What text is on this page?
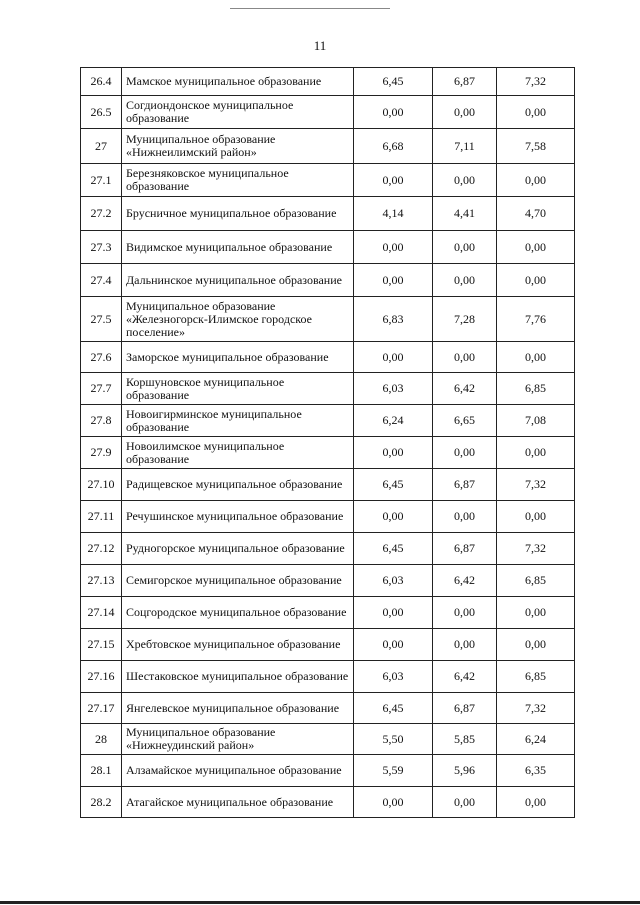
11
26.4	Мамское муниципальное образование	6,45	6,87	7,32
26.5	Согдиондонское муниципальное образование	0,00	0,00	0,00
27	Муниципальное образование «Нижнеилимский район»	6,68	7,11	7,58
27.1	Березняковское муниципальное образование	0,00	0,00	0,00
27.2	Брусничное муниципальное образование	4,14	4,41	4,70
27.3	Видимское муниципальное образование	0,00	0,00	0,00
27.4	Дальнинское муниципальное образование	0,00	0,00	0,00
27.5	Муниципальное образование «Железногорск-Илимское городское поселение»	6,83	7,28	7,76
27.6	Заморское муниципальное образование	0,00	0,00	0,00
27.7	Коршуновское муниципальное образование	6,03	6,42	6,85
27.8	Новоигирминское муниципальное образование	6,24	6,65	7,08
27.9	Новоилимское муниципальное образование	0,00	0,00	0,00
27.10	Радищевское муниципальное образование	6,45	6,87	7,32
27.11	Речушинское муниципальное образование	0,00	0,00	0,00
27.12	Рудногорское муниципальное образование	6,45	6,87	7,32
27.13	Семигорское муниципальное образование	6,03	6,42	6,85
27.14	Соцгородское муниципальное образование	0,00	0,00	0,00
27.15	Хребтовское муниципальное образование	0,00	0,00	0,00
27.16	Шестаковское муниципальное образование	6,03	6,42	6,85
27.17	Янгелевское муниципальное образование	6,45	6,87	7,32
28	Муниципальное образование «Нижнеудинский район»	5,50	5,85	6,24
28.1	Алзамайское муниципальное образование	5,59	5,96	6,35
28.2	Атагайское муниципальное образование	0,00	0,00	0,00
